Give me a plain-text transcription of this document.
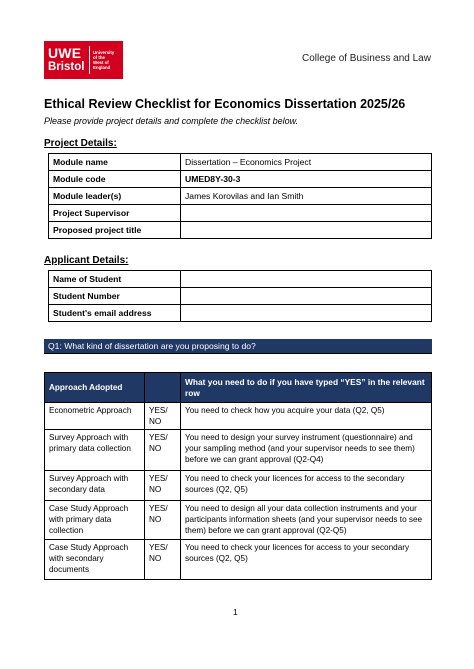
UWE
Bristol
University
of the
West of
England
College of Business and Law
Ethical Review Checklist for Economics Dissertation 2025/26
Please provide project details and complete the checklist below.
Project Details:
Module name	Dissertation – Economics Project
Module code	UMED8Y-30-3
Module leader(s)	James Korovilas and Ian Smith
Project Supervisor	
Proposed project title	
Applicant Details:
Name of Student	
Student Number	
Student's email address	
Q1: What kind of dissertation are you proposing to do?
Approach Adopted		What you need to do if you have typed “YES” in the relevant row
Econometric Approach	YES/ NO	You need to check how you acquire your data (Q2, Q5)
Survey Approach with primary data collection	YES/ NO	You need to design your survey instrument (questionnaire) and your sampling method (and your supervisor needs to see them) before we can grant approval (Q2-Q4)
Survey Approach with secondary data	YES/ NO	You need to check your licences for access to the secondary sources (Q2, Q5)
Case Study Approach with primary data collection	YES/ NO	You need to design all your data collection instruments and your participants information sheets (and your supervisor needs to see them) before we can grant approval (Q2-Q5)
Case Study Approach with secondary documents	YES/ NO	You need to check your licences for access to your secondary sources (Q2, Q5)
1
